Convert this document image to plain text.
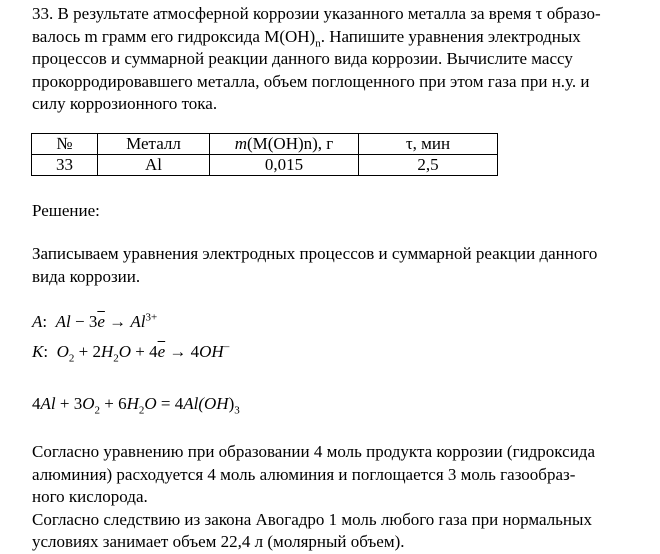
33. В результате атмосферной коррозии указанного металла за время τ образо-
валось m грамм его гидроксида $M(OH)_n$. Напишите уравнения электродных
процессов и суммарной реакции данного вида коррозии. Вычислите массу
прокорродировавшего металла, объем поглощенного при этом газа при н.у. и
силу коррозионного тока.
№	Металл	m(M(OH)n), г	τ, мин
33	Al	0,015	2,5
Решение:
Записываем уравнения электродных процессов и суммарной реакции данного
вида коррозии.
A:  $Al - 3\overline{e} \to Al^{3+}$
K:  $O_2 + 2H_2O + 4\overline{e} \to 4OH^-$
$4Al + 3O_2 + 6H_2O = 4Al(OH)_3$
Согласно уравнению при образовании 4 моль продукта коррозии (гидроксида
алюминия) расходуется 4 моль алюминия и поглощается 3 моль газообраз-
ного кислорода.
Согласно следствию из закона Авогадро 1 моль любого газа при нормальных
условиях занимает объем 22,4 л (молярный объем).
